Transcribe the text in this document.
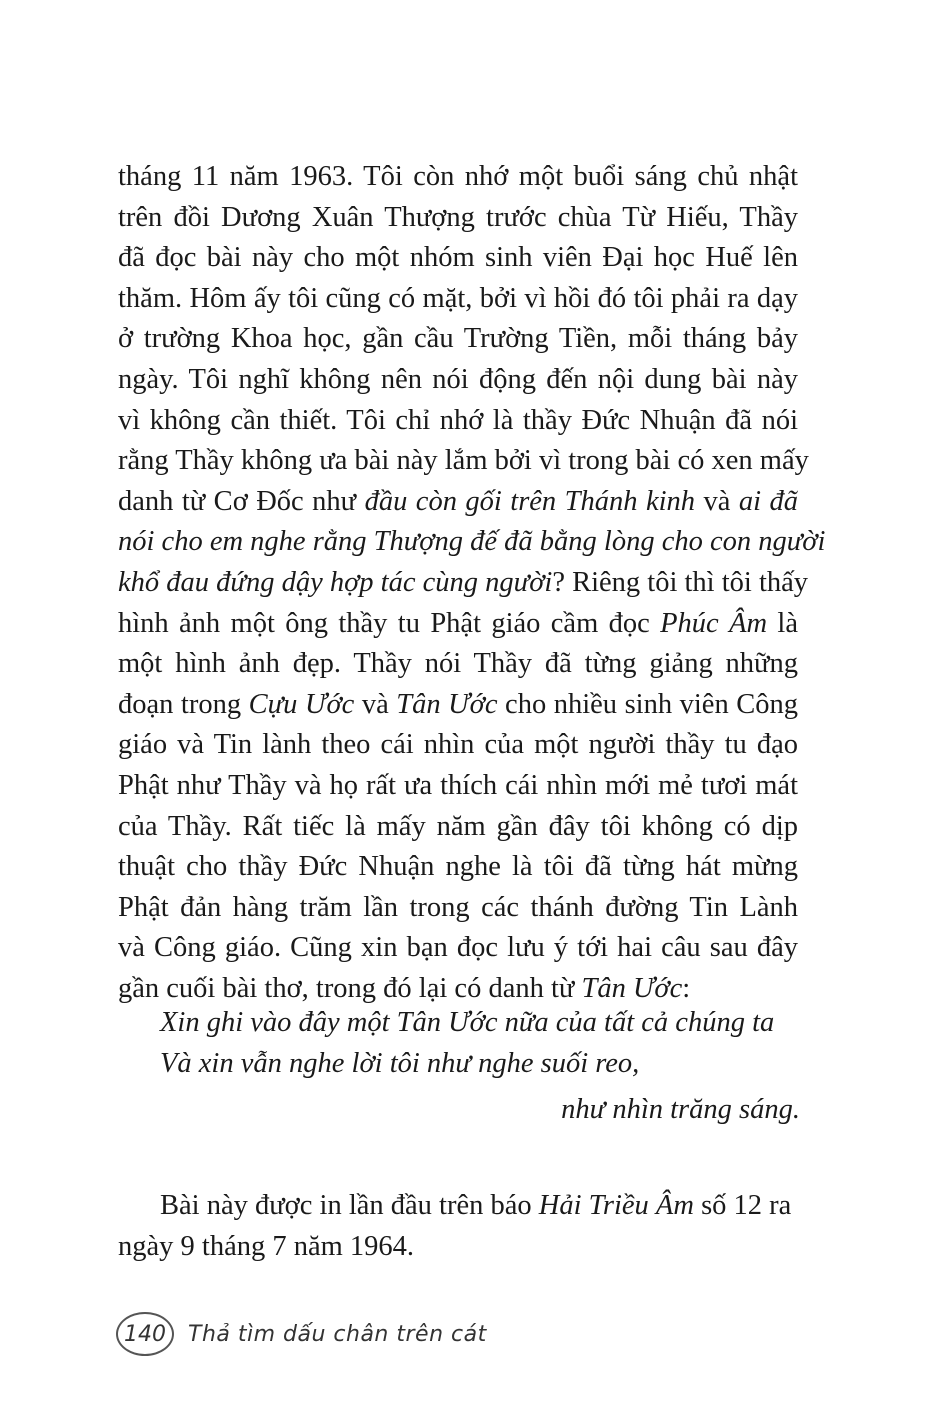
tháng 11 năm 1963. Tôi còn nhớ một buổi sáng chủ nhật
trên đồi Dương Xuân Thượng trước chùa Từ Hiếu, Thầy
đã đọc bài này cho một nhóm sinh viên Đại học Huế lên
thăm. Hôm ấy tôi cũng có mặt, bởi vì hồi đó tôi phải ra dạy
ở trường Khoa học, gần cầu Trường Tiền, mỗi tháng bảy
ngày. Tôi nghĩ không nên nói động đến nội dung bài này
vì không cần thiết. Tôi chỉ nhớ là thầy Đức Nhuận đã nói
rằng Thầy không ưa bài này lắm bởi vì trong bài có xen mấy
danh từ Cơ Đốc như đầu còn gối trên Thánh kinh và ai đã
nói cho em nghe rằng Thượng đế đã bằng lòng cho con người
khổ đau đứng dậy hợp tác cùng người? Riêng tôi thì tôi thấy
hình ảnh một ông thầy tu Phật giáo cầm đọc Phúc Âm là
một hình ảnh đẹp. Thầy nói Thầy đã từng giảng những
đoạn trong Cựu Ước và Tân Ước cho nhiều sinh viên Công
giáo và Tin lành theo cái nhìn của một người thầy tu đạo
Phật như Thầy và họ rất ưa thích cái nhìn mới mẻ tươi mát
của Thầy. Rất tiếc là mấy năm gần đây tôi không có dịp
thuật cho thầy Đức Nhuận nghe là tôi đã từng hát mừng
Phật đản hàng trăm lần trong các thánh đường Tin Lành
và Công giáo. Cũng xin bạn đọc lưu ý tới hai câu sau đây
gần cuối bài thơ, trong đó lại có danh từ Tân Ước:
Xin ghi vào đây một Tân Ước nữa của tất cả chúng ta
Và xin vẫn nghe lời tôi như nghe suối reo,
như nhìn trăng sáng.
Bài này được in lần đầu trên báo Hải Triều Âm số 12 ra
ngày 9 tháng 7 năm 1964.
140	Thả tìm dấu chân trên cát
